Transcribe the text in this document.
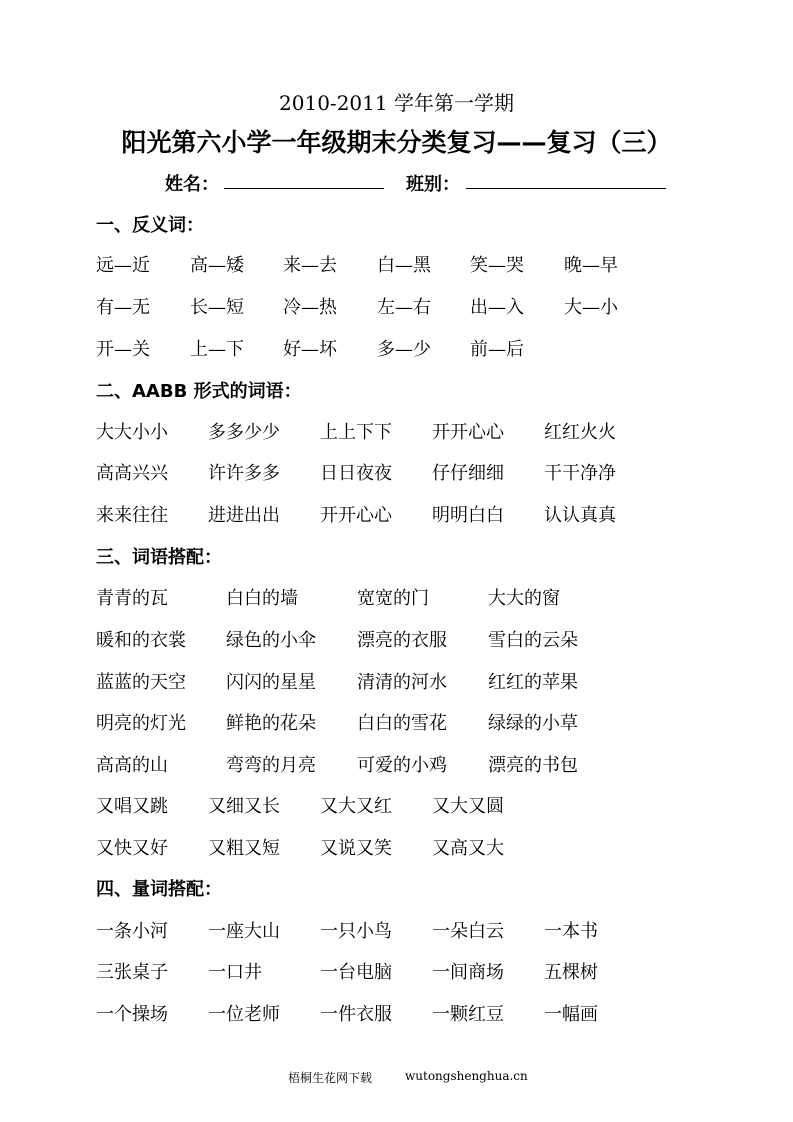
2010-2011 学年第一学期
阳光第六小学一年级期末分类复习——复习（三）
姓名：	班别：
一、反义词：
二、AABB 形式的词语：
三、词语搭配：
四、量词搭配：
远—近 高—矮 来—去 白—黑 笑—哭 晚—早
有—无 长—短 冷—热 左—右 出—入 大—小
开—关 上—下 好—坏 多—少 前—后
大大小小 多多少少 上上下下 开开心心 红红火火
高高兴兴 许许多多 日日夜夜 仔仔细细 干干净净
来来往往 进进出出 开开心心 明明白白 认认真真
青青的瓦	白白的墙	宽宽的门	大大的窗
暖和的衣裳 绿色的小伞 漂亮的衣服 雪白的云朵
蓝蓝的天空 闪闪的星星 清清的河水 红红的苹果
明亮的灯光 鲜艳的花朵 白白的雪花 绿绿的小草
高高的山	弯弯的月亮 可爱的小鸡 漂亮的书包
又唱又跳 又细又长 又大又红 又大又圆
又快又好 又粗又短 又说又笑 又高又大
一条小河 一座大山 一只小鸟 一朵白云 一本书
三张桌子 一口井	一台电脑 一间商场 五棵树
一个操场 一位老师 一件衣服 一颗红豆 一幅画
梧桐生花网下载	wutongshenghua.cn
